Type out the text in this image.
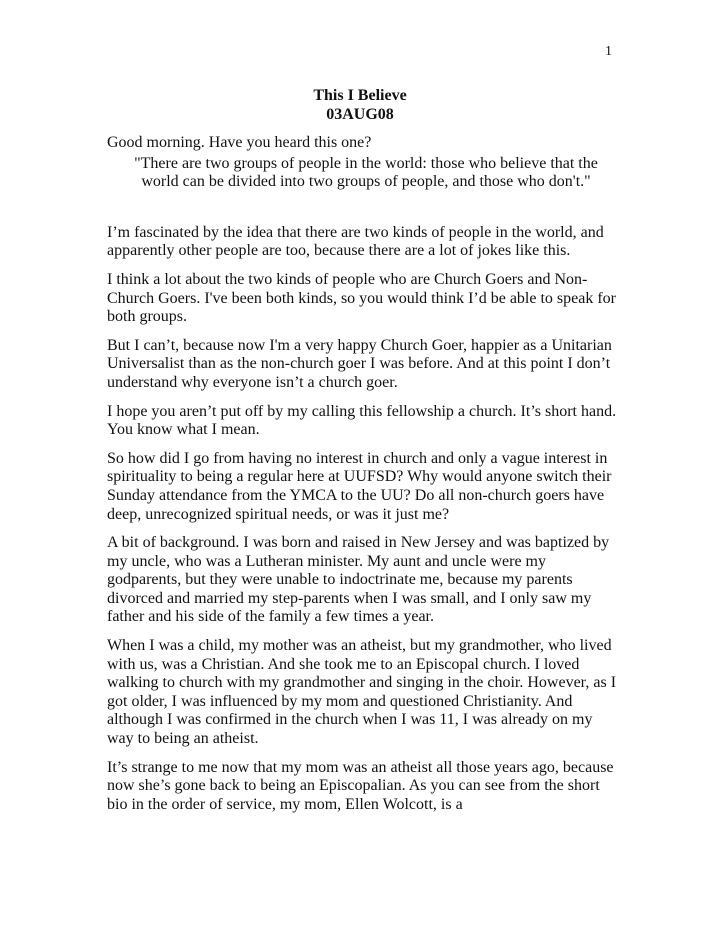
1
This I Believe
03AUG08

Good morning. Have you heard this one?

"There are two groups of people in the world: those who believe that the world can be divided into two groups of people, and those who don't."

I’m fascinated by the idea that there are two kinds of people in the world, and apparently other people are too, because there are a lot of jokes like this.

I think a lot about the two kinds of people who are Church Goers and Non-Church Goers. I've been both kinds, so you would think I’d be able to speak for both groups.

But I can’t, because now I'm a very happy Church Goer, happier as a Unitarian Universalist than as the non-church goer I was before. And at this point I don’t understand why everyone isn’t a church goer.

I hope you aren’t put off by my calling this fellowship a church. It’s short hand. You know what I mean.

So how did I go from having no interest in church and only a vague interest in spirituality to being a regular here at UUFSD? Why would anyone switch their Sunday attendance from the YMCA to the UU? Do all non-church goers have deep, unrecognized spiritual needs, or was it just me?

A bit of background. I was born and raised in New Jersey and was baptized by my uncle, who was a Lutheran minister. My aunt and uncle were my godparents, but they were unable to indoctrinate me, because my parents divorced and married my step-parents when I was small, and I only saw my father and his side of the family a few times a year.

When I was a child, my mother was an atheist, but my grandmother, who lived with us, was a Christian. And she took me to an Episcopal church. I loved walking to church with my grandmother and singing in the choir. However, as I got older, I was influenced by my mom and questioned Christianity. And although I was confirmed in the church when I was 11, I was already on my way to being an atheist.

It’s strange to me now that my mom was an atheist all those years ago, because now she’s gone back to being an Episcopalian. As you can see from the short bio in the order of service, my mom, Ellen Wolcott, is a
